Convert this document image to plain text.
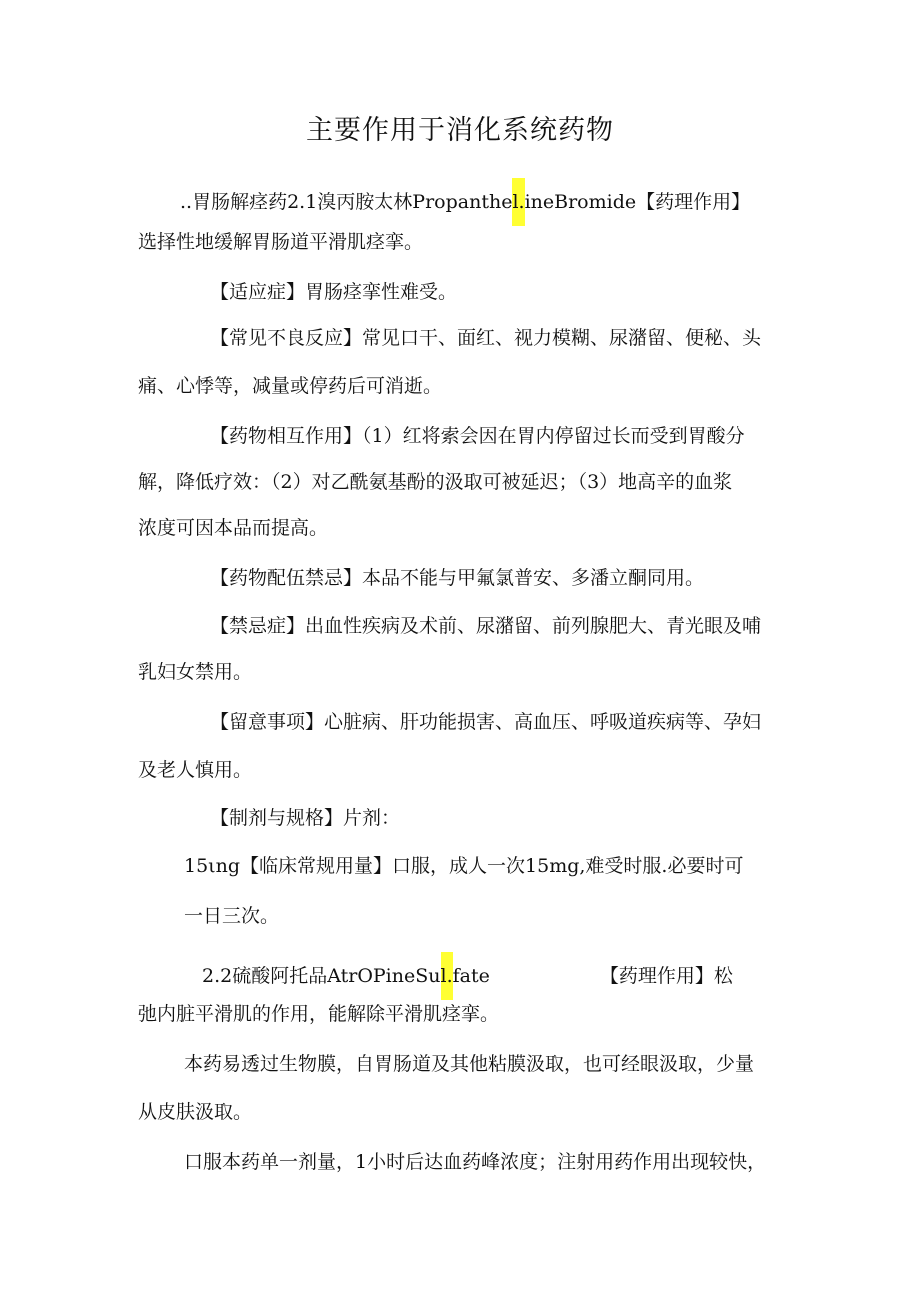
主要作用于消化系统药物
..胃肠解痉药2.1溴丙胺太林Propanthel.ineBromide【药理作用】
选择性地缓解胃肠道平滑肌痉挛。
【适应症】胃肠痉挛性难受。
【常见不良反应】常见口干、面红、视力模糊、尿潴留、便秘、头
痛、心悸等，减量或停药后可消逝。
【药物相互作用】（1）红将索会因在胃内停留过长而受到胃酸分
解，降低疗效：（2）对乙酰氨基酚的汲取可被延迟；（3）地高辛的血浆
浓度可因本品而提高。
【药物配伍禁忌】本品不能与甲氟氯普安、多潘立酮同用。
【禁忌症】出血性疾病及术前、尿潴留、前列腺肥大、青光眼及哺
乳妇女禁用。
【留意事项】心脏病、肝功能损害、高血压、呼吸道疾病等、孕妇
及老人慎用。
【制剂与规格】片剂：
15ιng【临床常规用量】口服，成人一次15mg,难受时服.必要时可
一日三次。
2.2硫酸阿托品AtrOPineSul.fate	【药理作用】松
弛内脏平滑肌的作用，能解除平滑肌痉挛。
本药易透过生物膜，自胃肠道及其他粘膜汲取，也可经眼汲取，少量
从皮肤汲取。
口服本药单一剂量，1小时后达血药峰浓度；注射用药作用出现较快，
